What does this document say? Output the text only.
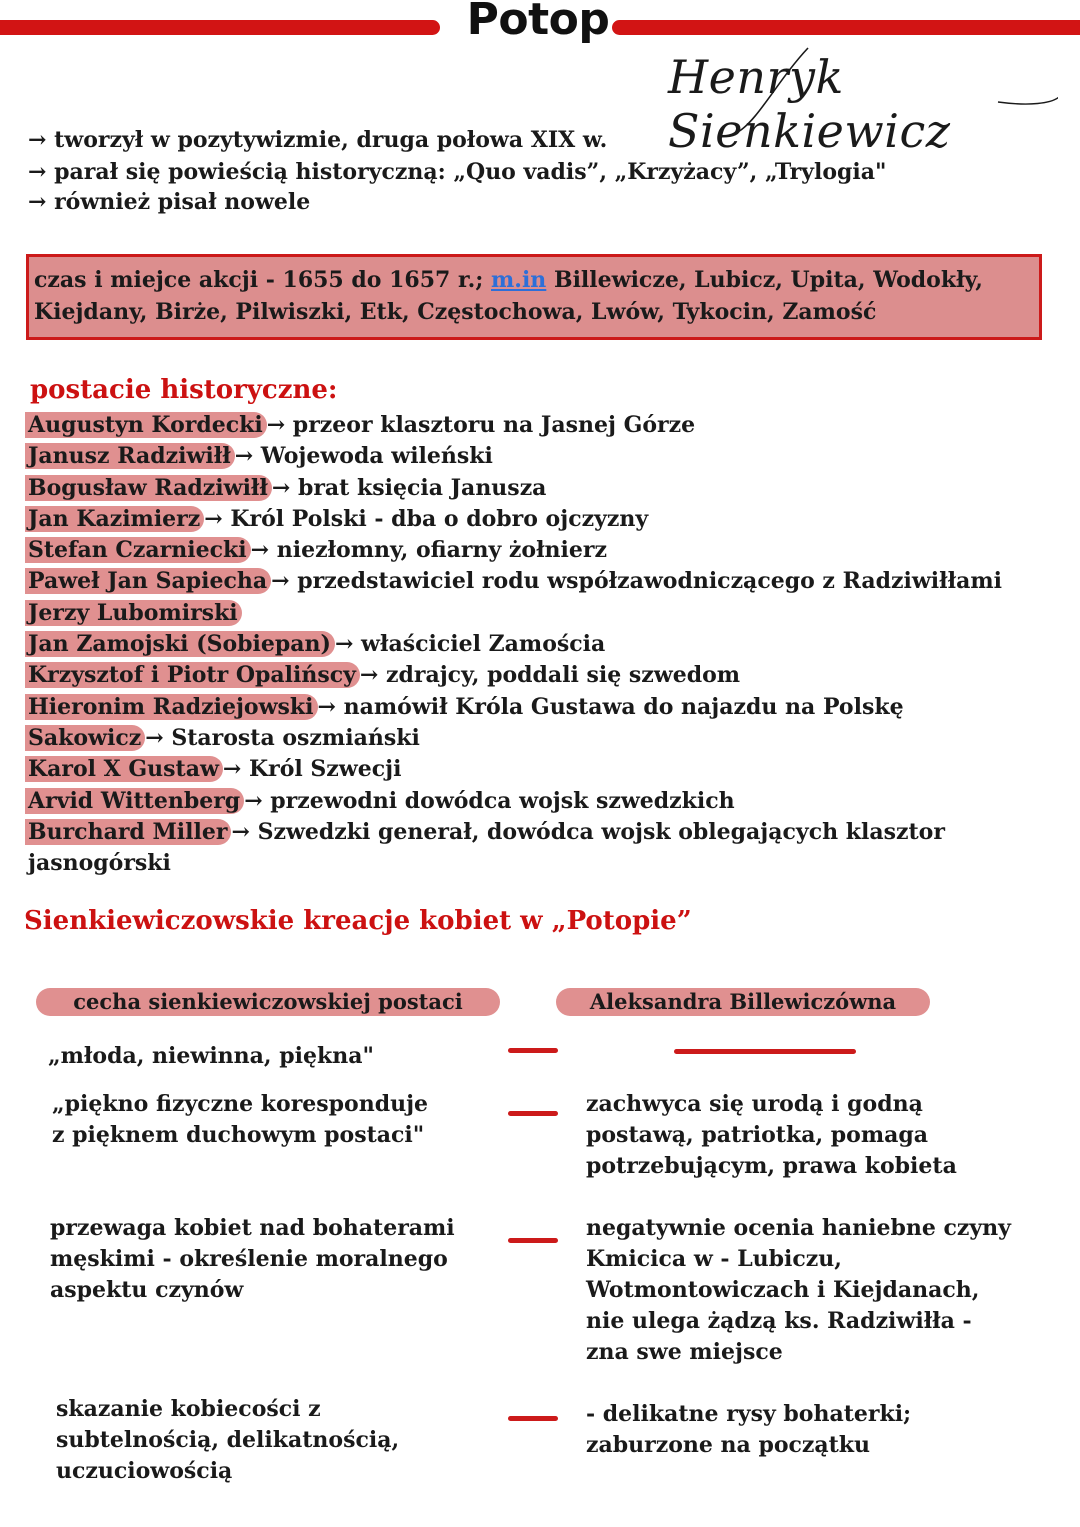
Potop
Henryk Sienkiewicz
→ tworzył w pozytywizmie, druga połowa XIX w.
→ parał się powieścią historyczną: „Quo vadis”, „Krzyżacy”, „Trylogia"
→ również pisał nowele
czas i miejce akcji - 1655 do 1657 r.; m.in Billewicze, Lubicz, Upita, Wodokły,
Kiejdany, Birże, Pilwiszki, Etk, Częstochowa, Lwów, Tykocin, Zamość
postacie historyczne:
Augustyn Kordecki → przeor klasztoru na Jasnej Górze
Janusz Radziwiłł → Wojewoda wileński
Bogusław Radziwiłł → brat księcia Janusza
Jan Kazimierz → Król Polski - dba o dobro ojczyzny
Stefan Czarniecki → niezłomny, ofiarny żołnierz
Paweł Jan Sapiecha → przedstawiciel rodu współzawodniczącego z Radziwiłłami
Jerzy Lubomirski
Jan Zamojski (Sobiepan) → właściciel Zamościa
Krzysztof i Piotr Opalińscy → zdrajcy, poddali się szwedom
Hieronim Radziejowski → namówił Króla Gustawa do najazdu na Polskę
Sakowicz → Starosta oszmiański
Karol X Gustaw → Król Szwecji
Arvid Wittenberg → przewodni dowódca wojsk szwedzkich
Burchard Miller → Szwedzki generał, dowódca wojsk oblegających klasztor
jasnogórski
Sienkiewiczowskie kreacje kobiet w „Potopie”
cecha sienkiewiczowskiej postaci	Aleksandra Billewiczówna
„młoda, niewinna, piękna"
„piękno fizyczne koresponduje
z pięknem duchowym postaci"
zachwyca się urodą i godną
postawą, patriotka, pomaga
potrzebującym, prawa kobieta
przewaga kobiet nad bohaterami
męskimi - określenie moralnego
aspektu czynów
negatywnie ocenia haniebne czyny
Kmicica w - Lubiczu,
Wotmontowiczach i Kiejdanach,
nie ulega żądzą ks. Radziwiłła -
zna swe miejsce
skazanie kobiecości z
subtelnością, delikatnością,
uczuciowością
- delikatne rysy bohaterki;
zaburzone na początku
